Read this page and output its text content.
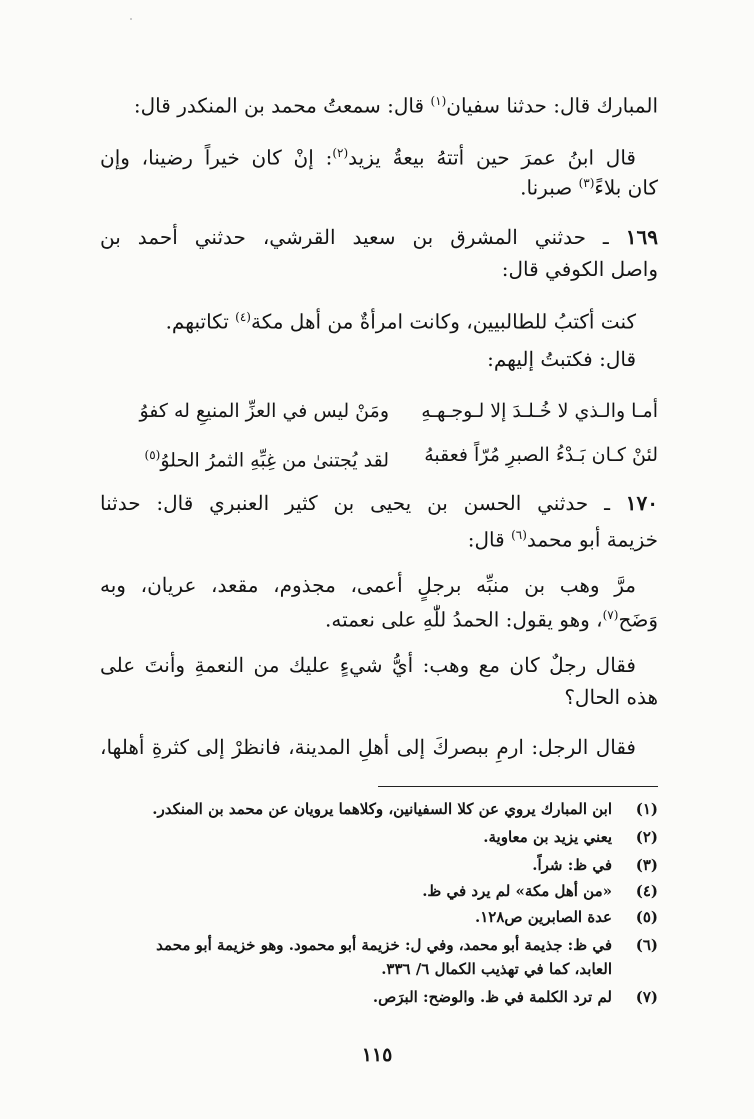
المبارك قال: حدثنا سفيان$^{(١)}$ قال: سمعتُ محمد بن المنكدر قال:
قال ابنُ عمرَ حين أتتهُ بيعةُ يزيد$^{(٢)}$: إنْ كان خيراً رضينا، وإن
كان بلاءً$^{(٣)}$ صبرنا.
١٦٩ ـ حدثني المشرق بن سعيد القرشي، حدثني أحمد بن
واصل الكوفي قال:
كنت أكتبُ للطالبيين، وكانت امرأةٌ من أهل مكة$^{(٤)}$ تكاتبهم.
قال: فكتبتُ إليهم:
أمـا والـذي لا خُـلـدَ إلا لـوجـهـهِ
ومَنْ ليس في العزِّ المنيعِ له كفوُ
لئنْ كـان بَـدْءُ الصبرِ مُرّاً فعقبهُ
لقد يُجتنىٰ من غِبِّهِ الثمرُ الحلوُ$^{(٥)}$
١٧٠ ـ حدثني الحسن بن يحيى بن كثير العنبري قال: حدثنا
خزيمة أبو محمد$^{(٦)}$ قال:
مرَّ وهب بن منبِّه برجلٍ أعمى، مجذوم، مقعد، عريان، وبه
وَضَح$^{(٧)}$، وهو يقول: الحمدُ للّٰهِ على نعمته.
فقال رجلٌ كان مع وهب: أيُّ شيءٍ عليك من النعمةِ وأنتَ على
هذه الحال؟
فقال الرجل: ارمِ ببصركَ إلى أهلِ المدينة، فانظرْ إلى كثرةِ أهلها،
(١)ابن المبارك يروي عن كلا السفيانين، وكلاهما يرويان عن محمد بن المنكدر.
(٢)يعني يزيد بن معاوية.
(٣)في ظ: شراً.
(٤)«من أهل مكة» لم يرد في ظ.
(٥)عدة الصابرين ص١٢٨.
(٦)في ظ: جذيمة أبو محمد، وفي ل: خزيمة أبو محمود. وهو خزيمة أبو محمد
العابد، كما في تهذيب الكمال ٦/ ٣٣٦.
(٧)لم ترد الكلمة في ظ. والوضح: البرَص.
١١٥
